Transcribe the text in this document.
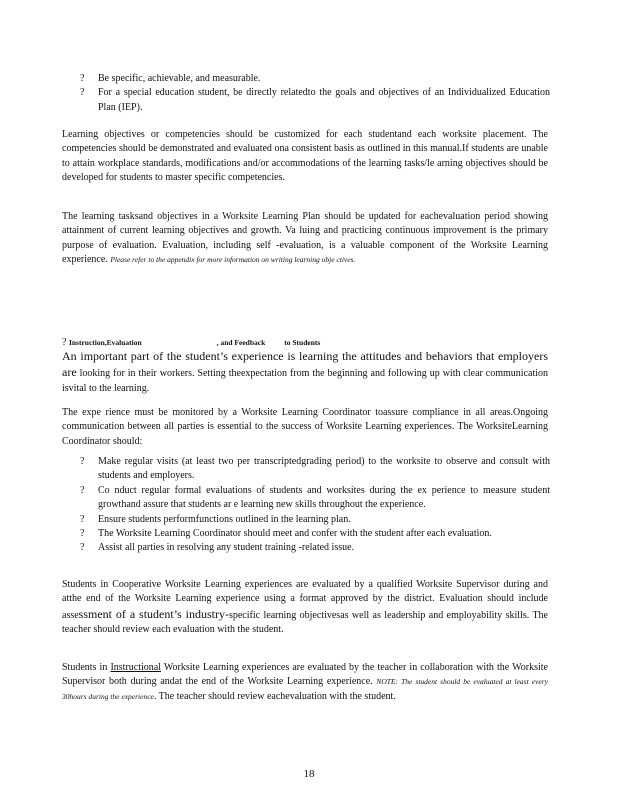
?	Be specific, achievable, and measurable.
?	For a special education student, be directly relatedto the goals and objectives of an Individualized Education Plan (IEP).
Learning objectives or competencies should be customized for each studentand each worksite placement. The competencies should be demonstrated and evaluated ona consistent basis as outlined in this manual.If students are unable to attain workplace standards, modifications and/or accommodations of the learning tasks/le arning objectives should be developed for students to master specific competencies.
The learning tasksand objectives in a Worksite Learning Plan should be updated for eachevaluation period showing attainment of current learning objectives and growth. Va luing and practicing continuous improvement is the primary purpose of evaluation. Evaluation, including self -evaluation, is a valuable component of the Worksite Learning experience. Please refer to the appendix for more information on writing learning obje ctives.
? Instruction,Evaluation	, and Feedback	to Students
An important part of the student’s experience is learning the attitudes and behaviors that employers are looking for in their workers. Setting theexpectation from the beginning and following up with clear communication isvital to the learning.
The expe rience must be monitored by a Worksite Learning Coordinator toassure compliance in all areas.Ongoing communication between all parties is essential to the success of Worksite Learning experiences. The WorksiteLearning Coordinator should:
?	Make regular visits (at least two per transcriptedgrading period) to the worksite to observe and consult with students and employers.
?	Co nduct regular formal evaluations of students and worksites during the ex perience to measure student growthand assure that students ar e learning new skills throughout the experience.
?	Ensure students performfunctions outlined in the learning plan.
?	The Worksite Learning Coordinator should meet and confer with the student after each evaluation.
?	Assist all parties in resolving any student training -related issue.
Students in Cooperative Worksite Learning experiences are evaluated by a qualified Worksite Supervisor during and atthe end of the Worksite Learning experience using a format approved by the district. Evaluation should include assessment of a student’s industry-specific learning objectivesas well as leadership and employability skills. The teacher should review each evaluation with the student.
Students in Instructional Worksite Learning experiences are evaluated by the teacher in collaboration with the Worksite Supervisor both during andat the end of the Worksite Learning experience. NOTE: The student should be evaluated at least every 30hours during the experience. The teacher should review eachevaluation with the student.
18
